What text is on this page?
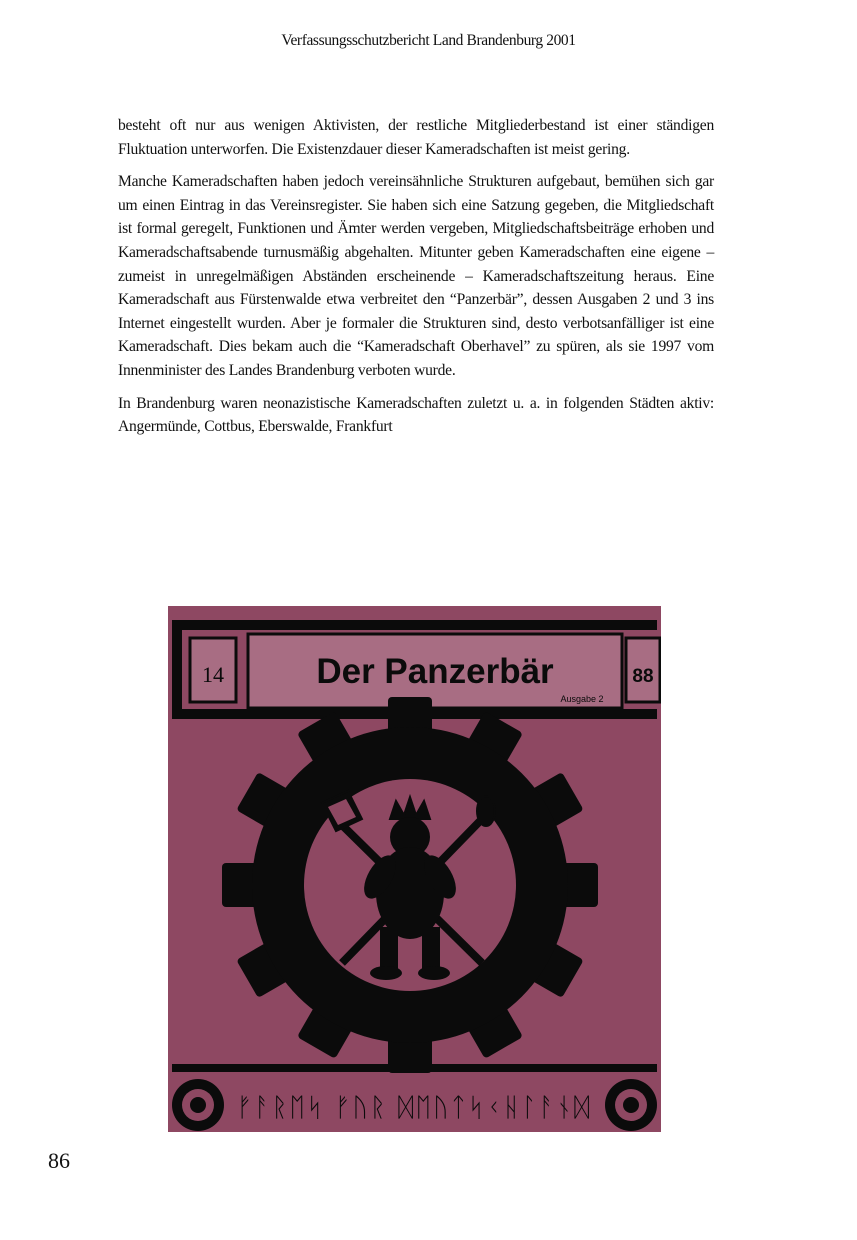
Verfassungsschutzbericht Land Brandenburg 2001

besteht oft nur aus wenigen Aktivisten, der restliche Mitgliederbestand ist einer ständigen Fluktuation unterworfen. Die Existenzdauer dieser Kameradschaften ist meist gering.

Manche Kameradschaften haben jedoch vereinsähnliche Strukturen aufgebaut, bemühen sich gar um einen Eintrag in das Vereinsregister. Sie haben sich eine Satzung gegeben, die Mitgliedschaft ist formal geregelt, Funktionen und Ämter werden vergeben, Mitgliedschaftsbeiträge erhoben und Kameradschaftsabende turnusmäßig abgehalten. Mitunter geben Kameradschaften eine eigene – zumeist in unregelmäßigen Abständen erscheinende – Kameradschaftszeitung heraus. Eine Kameradschaft aus Fürstenwalde etwa verbreitet den “Panzerbär”, dessen Ausgaben 2 und 3 ins Internet eingestellt wurden. Aber je formaler die Strukturen sind, desto verbotsanfälliger ist eine Kameradschaft. Dies bekam auch die “Kameradschaft Oberhavel” zu spüren, als sie 1997 vom Innenminister des Landes Brandenburg verboten wurde.

In Brandenburg waren neonazistische Kameradschaften zuletzt u. a. in folgenden Städten aktiv: Angermünde, Cottbus, Eberswalde, Frankfurt

14	Der Panzerbär	88
Ausgabe 2
ᚠᚨᚱᛖᛋ ᚠᚢᚱ ᛞᛖᚢᛏᛋᚲᚺᛚᚨᚾᛞ
86
